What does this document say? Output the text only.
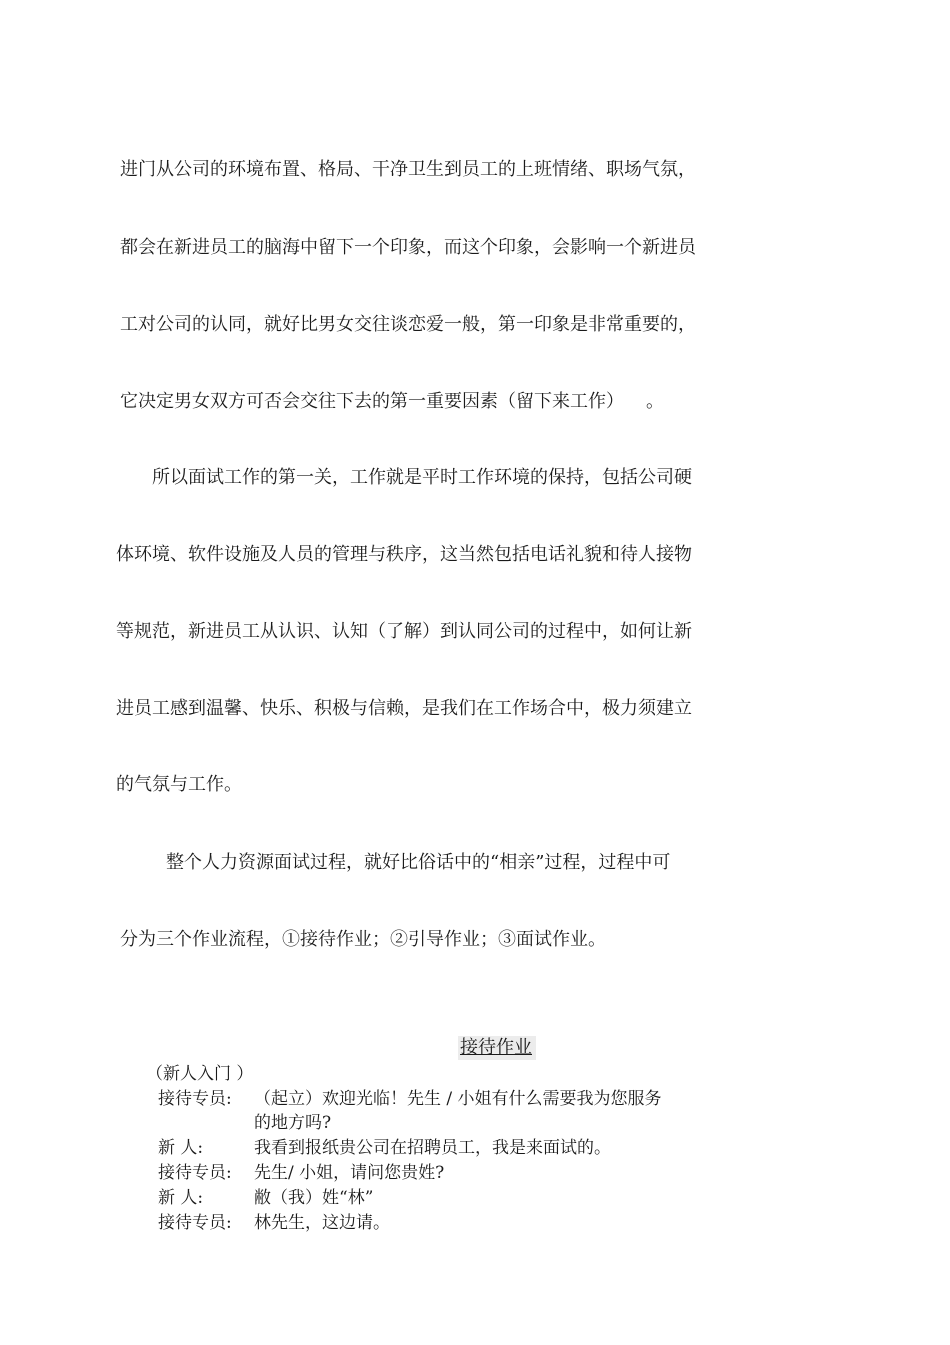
进门从公司的环境布置、格局、干净卫生到员工的上班情绪、职场气氛，
都会在新进员工的脑海中留下一个印象，而这个印象，会影响一个新进员
工对公司的认同，就好比男女交往谈恋爱一般，第一印象是非常重要的，
它决定男女双方可否会交往下去的第一重要因素（留下来工作） 。
所以面试工作的第一关，工作就是平时工作环境的保持，包括公司硬
体环境、软件设施及人员的管理与秩序，这当然包括电话礼貌和待人接物
等规范，新进员工从认识、认知（了解）到认同公司的过程中，如何让新
进员工感到温馨、快乐、积极与信赖，是我们在工作场合中，极力须建立
的气氛与工作。
整个人力资源面试过程，就好比俗话中的“相亲”过程，过程中可
分为三个作业流程，①接待作业；②引导作业；③面试作业。
接待作业
（新人入门 ）
接待专员: （起立）欢迎光临！先生 / 小姐有什么需要我为您服务
的地方吗?
新 人:	我看到报纸贵公司在招聘员工，我是来面试的。
接待专员: 先生/ 小姐，请问您贵姓?
新 人:	敝（我）姓“林”
接待专员: 林先生，这边请。
